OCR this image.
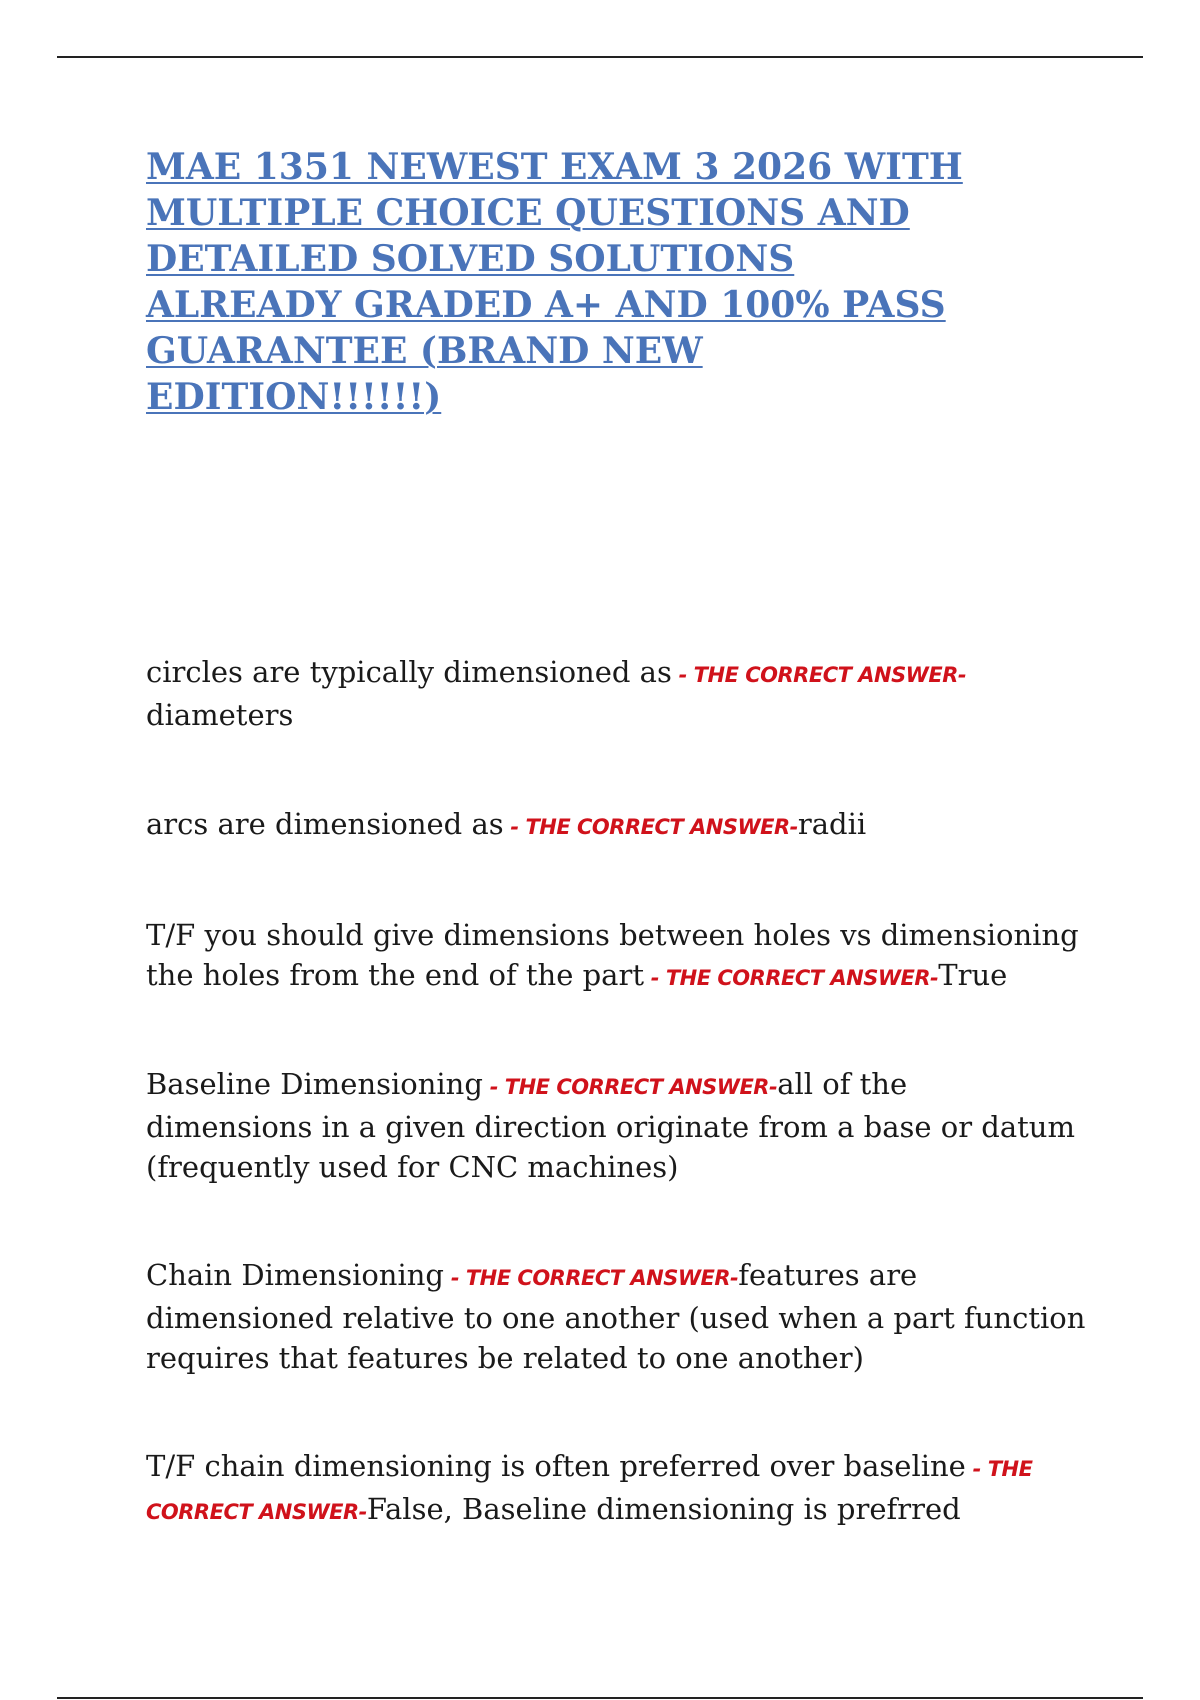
MAE 1351 NEWEST EXAM 3 2026 WITH
MULTIPLE CHOICE QUESTIONS AND
DETAILED SOLVED SOLUTIONS
ALREADY GRADED A+ AND 100% PASS
GUARANTEE (BRAND NEW
EDITION!!!!!!)
circles are typically dimensioned as - THE CORRECT ANSWER-
diameters
arcs are dimensioned as - THE CORRECT ANSWER-radii
T/F you should give dimensions between holes vs dimensioning
the holes from the end of the part - THE CORRECT ANSWER-True
Baseline Dimensioning - THE CORRECT ANSWER-all of the
dimensions in a given direction originate from a base or datum
(frequently used for CNC machines)
Chain Dimensioning - THE CORRECT ANSWER-features are
dimensioned relative to one another (used when a part function
requires that features be related to one another)
T/F chain dimensioning is often preferred over baseline - THE
CORRECT ANSWER-False, Baseline dimensioning is prefrred
